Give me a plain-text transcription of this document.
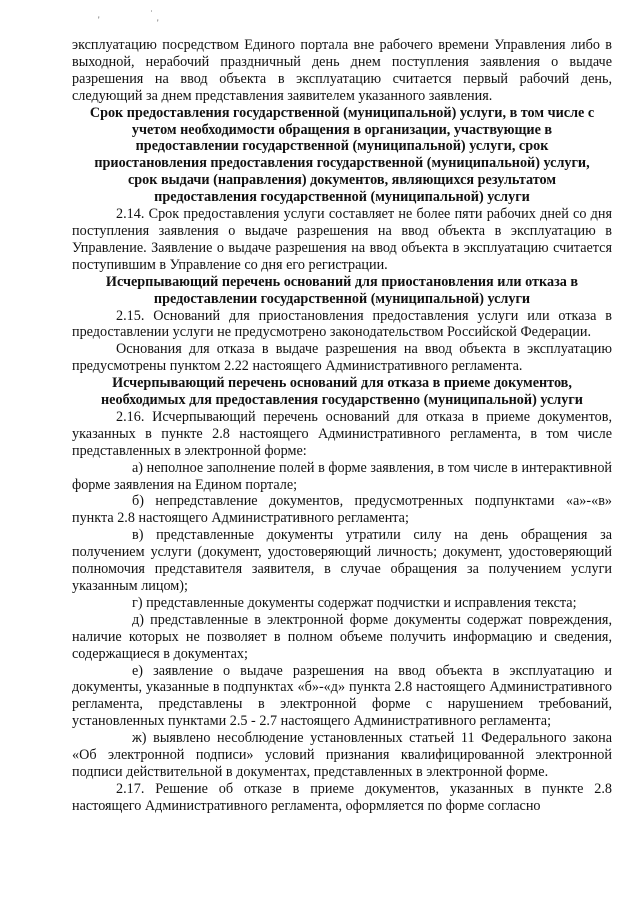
'
˙
'

эксплуатацию посредством Единого портала вне рабочего времени Управления либо в выходной, нерабочий праздничный день днем поступления заявления о выдаче разрешения на ввод объекта в эксплуатацию считается первый рабочий день, следующий за днем представления заявителем указанного заявления.

Срок предоставления государственной (муниципальной) услуги, в том числе с учетом необходимости обращения в организации, участвующие в предоставлении государственной (муниципальной) услуги, срок приостановления предоставления государственной (муниципальной) услуги, срок выдачи (направления) документов, являющихся результатом предоставления государственной (муниципальной) услуги

2.14. Срок предоставления услуги составляет не более пяти рабочих дней со дня поступления заявления о выдаче разрешения на ввод объекта в эксплуатацию в Управление. Заявление о выдаче разрешения на ввод объекта в эксплуатацию считается поступившим в Управление со дня его регистрации.

Исчерпывающий перечень оснований для приостановления или отказа в предоставлении государственной (муниципальной) услуги

2.15. Оснований для приостановления предоставления услуги или отказа в предоставлении услуги не предусмотрено законодательством Российской Федерации.

Основания для отказа в выдаче разрешения на ввод объекта в эксплуатацию предусмотрены пунктом 2.22 настоящего Административного регламента.

Исчерпывающий перечень оснований для отказа в приеме документов, необходимых для предоставления государственно (муниципальной) услуги

2.16. Исчерпывающий перечень оснований для отказа в приеме документов, указанных в пункте 2.8 настоящего Административного регламента, в том числе представленных в электронной форме:

а) неполное заполнение полей в форме заявления, в том числе в интерактивной форме заявления на Едином портале;

б) непредставление документов, предусмотренных подпунктами «а»-«в» пункта 2.8 настоящего Административного регламента;

в) представленные документы утратили силу на день обращения за получением услуги (документ, удостоверяющий личность; документ, удостоверяющий полномочия представителя заявителя, в случае обращения за получением услуги указанным лицом);

г) представленные документы содержат подчистки и исправления текста;

д) представленные в электронной форме документы содержат повреждения, наличие которых не позволяет в полном объеме получить информацию и сведения, содержащиеся в документах;

е) заявление о выдаче разрешения на ввод объекта в эксплуатацию и документы, указанные в подпунктах «б»-«д» пункта 2.8 настоящего Административного регламента, представлены в электронной форме с нарушением требований, установленных пунктами 2.5 - 2.7 настоящего Административного регламента;

ж) выявлено несоблюдение установленных статьей 11 Федерального закона «Об электронной подписи» условий признания квалифицированной электронной подписи действительной в документах, представленных в электронной форме.

2.17. Решение об отказе в приеме документов, указанных в пункте 2.8 настоящего Административного регламента, оформляется по форме согласно
